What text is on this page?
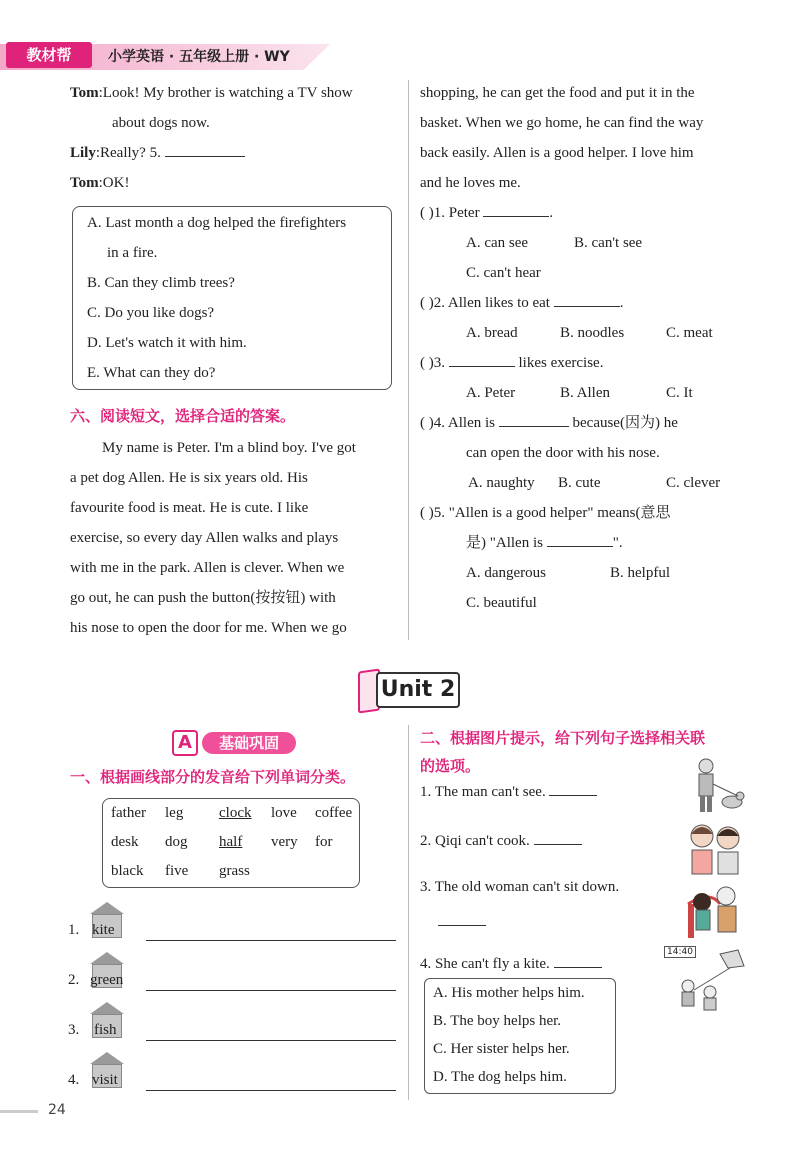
教材帮	小学英语 · 五年级上册 · WY
Tom:Look! My brother is watching a TV show
about dogs now.
Lily:Really? 5.
Tom:OK!
A. Last month a dog helped the firefighters
in a fire.
B. Can they climb trees?
C. Do you like dogs?
D. Let's watch it with him.
E. What can they do?
六、阅读短文，选择合适的答案。
My name is Peter. I'm a blind boy. I've got
a pet dog Allen. He is six years old. His
favourite food is meat. He is cute. I like
exercise, so every day Allen walks and plays
with me in the park. Allen is clever. When we
go out, he can push the button(按按钮) with
his nose to open the door for me. When we go
shopping, he can get the food and put it in the
basket. When we go home, he can find the way
back easily. Allen is a good helper. I love him
and he loves me.
( )1. Peter	.
A. can see	B. can't see
C. can't hear
( )2. Allen likes to eat	.
A. bread	B. noodles	C. meat
( )3.	likes exercise.
A. Peter	B. Allen	C. It
( )4. Allen is	because(因为) he
can open the door with his nose.
A. naughty B. cute	C. clever
( )5. "Allen is a good helper" means(意思
是) "Allen is	".
A. dangerous	B. helpful
C. beautiful
Unit 2
A	基础巩固
一、根据画线部分的发音给下列单词分类。
father leg clock love coffee
desk dog half very for
black five grass
1. kite
2. green
3. fish
4. visit
二、根据图片提示，给下列句子选择相关联
的选项。
1. The man can't see.
2. Qiqi can't cook.
3. The old woman can't sit down.
4. She can't fly a kite.
14:40
A. His mother helps him.
B. The boy helps her.
C. Her sister helps her.
D. The dog helps him.
24
